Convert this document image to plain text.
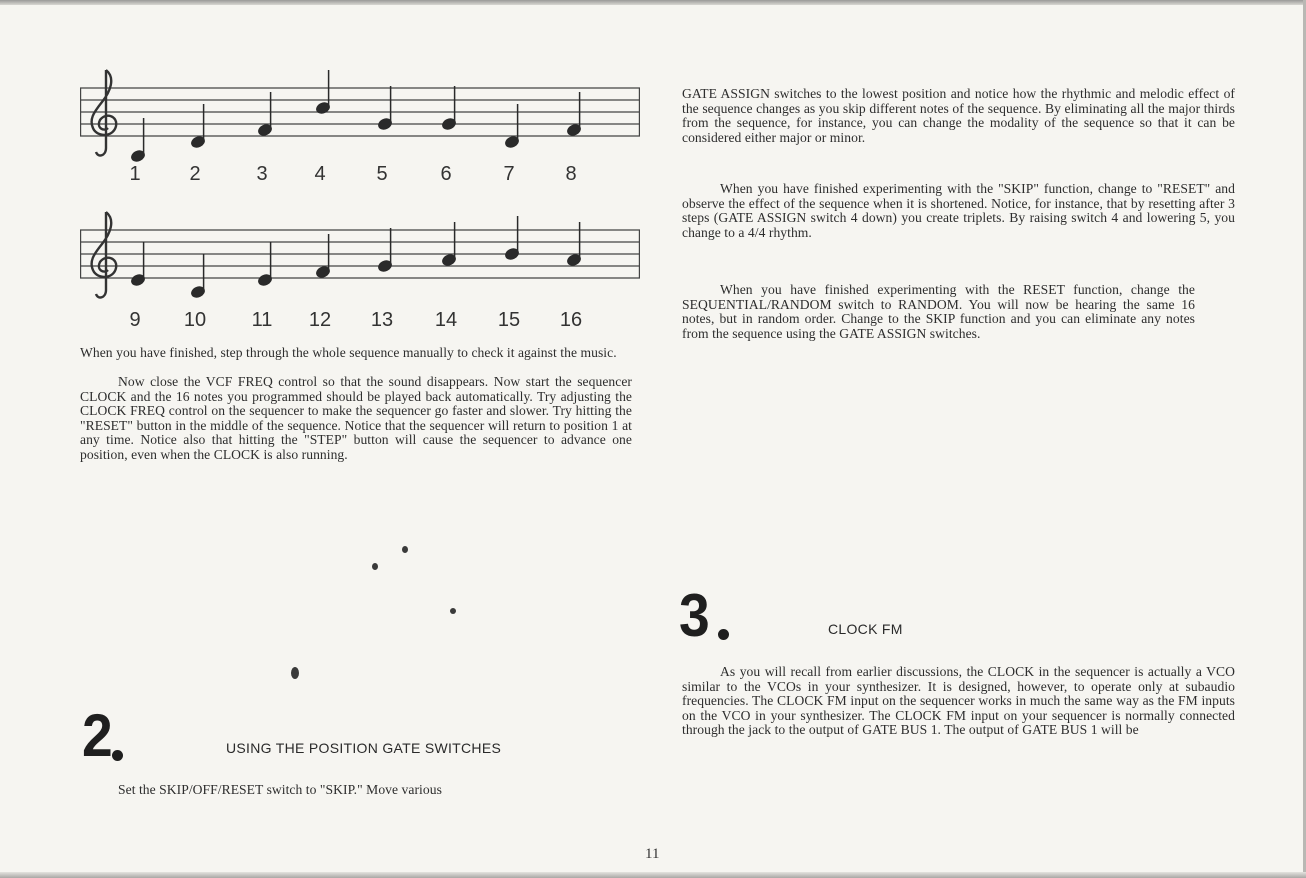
1 2	3 4	5	6	7	8
9 10 11 12 13 14 15 16

When you have finished, step through the whole sequence manually to check it against the music.

Now close the VCF FREQ control so that the sound disappears. Now start the sequencer CLOCK and the 16 notes you programmed should be played back automatically. Try adjusting the CLOCK FREQ control on the sequencer to make the sequencer go faster and slower. Try hitting the "RESET" button in the middle of the sequence. Notice that the sequencer will return to position 1 at any time. Notice also that hitting the "STEP" button will cause the sequencer to advance one position, even when the CLOCK is also running.

2	USING THE POSITION GATE SWITCHES

Set the SKIP/OFF/RESET switch to "SKIP." Move various

GATE ASSIGN switches to the lowest position and notice how the rhythmic and melodic effect of the sequence changes as you skip different notes of the sequence. By eliminating all the major thirds from the sequence, for instance, you can change the modality of the sequence so that it can be considered either major or minor.

When you have finished experimenting with the "SKIP" function, change to "RESET" and observe the effect of the sequence when it is shortened. Notice, for instance, that by resetting after 3 steps (GATE ASSIGN switch 4 down) you create triplets. By raising switch 4 and lowering 5, you change to a 4/4 rhythm.

When you have finished experimenting with the RESET function, change the SEQUENTIAL/RANDOM switch to RANDOM. You will now be hearing the same 16 notes, but in random order. Change to the SKIP function and you can eliminate any notes from the sequence using the GATE ASSIGN switches.

3	CLOCK FM

As you will recall from earlier discussions, the CLOCK in the sequencer is actually a VCO similar to the VCOs in your synthesizer. It is designed, however, to operate only at subaudio frequencies. The CLOCK FM input on the sequencer works in much the same way as the FM inputs on the VCO in your synthesizer. The CLOCK FM input on your sequencer is normally connected through the jack to the output of GATE BUS 1. The output of GATE BUS 1 will be

11
